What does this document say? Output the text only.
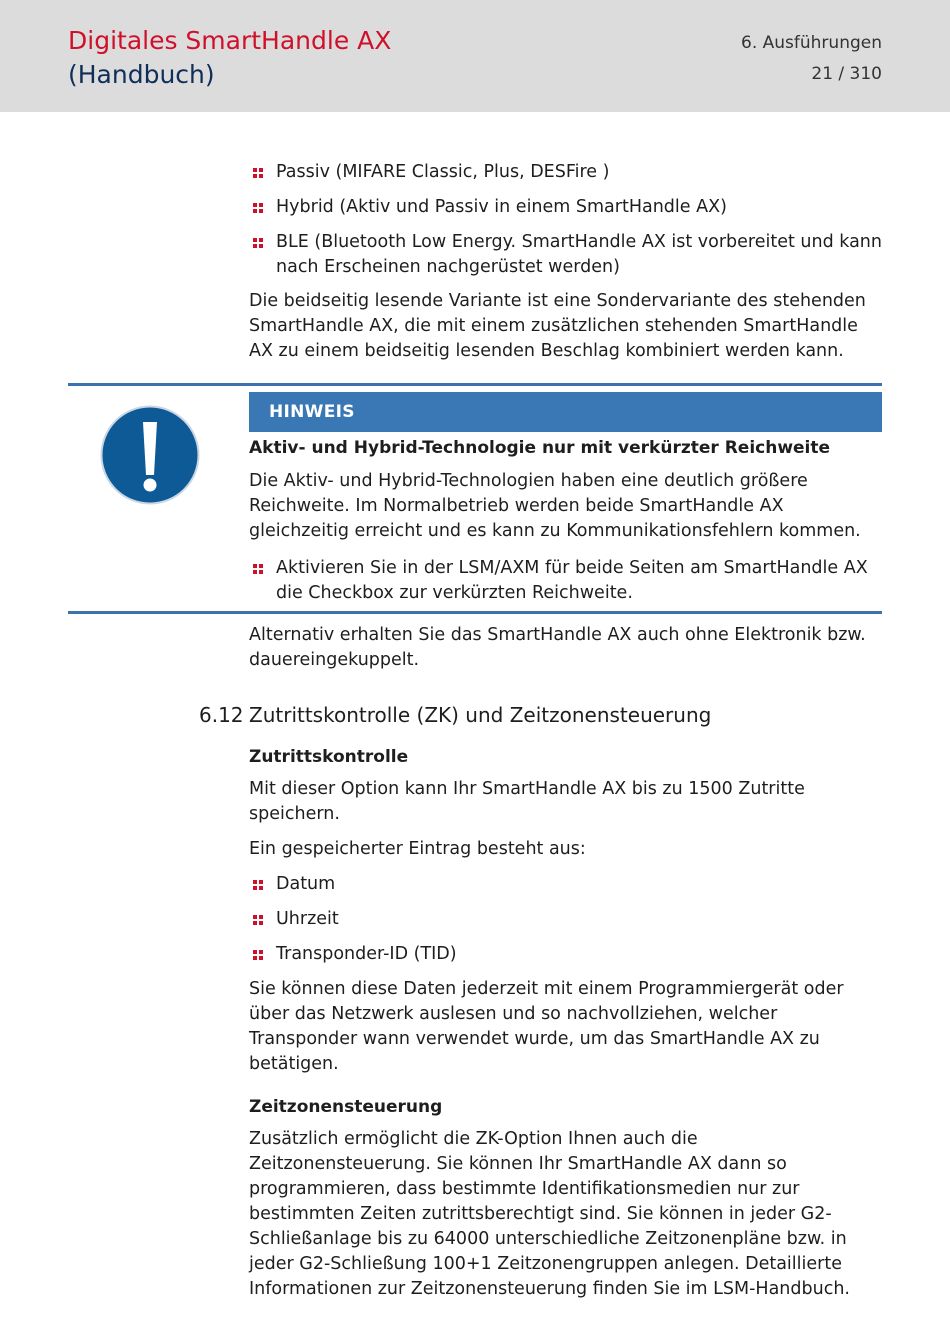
Digitales SmartHandle AX
(Handbuch)
6. Ausführungen
21 / 310
Passiv (MIFARE Classic, Plus, DESFire )
Hybrid (Aktiv und Passiv in einem SmartHandle AX)
BLE (Bluetooth Low Energy. SmartHandle AX ist vorbereitet und kann nach Erscheinen nachgerüstet werden)

Die beidseitig lesende Variante ist eine Sondervariante des stehenden SmartHandle AX, die mit einem zusätzlichen stehenden SmartHandle AX zu einem beidseitig lesenden Beschlag kombiniert werden kann.

HINWEIS

Aktiv- und Hybrid-Technologie nur mit verkürzter Reichweite

Die Aktiv- und Hybrid-Technologien haben eine deutlich größere Reichweite. Im Normalbetrieb werden beide SmartHandle AX gleichzeitig erreicht und es kann zu Kommunikationsfehlern kommen.

Aktivieren Sie in der LSM/AXM für beide Seiten am SmartHandle AX die Checkbox zur verkürzten Reichweite.

Alternativ erhalten Sie das SmartHandle AX auch ohne Elektronik bzw. dauereingekuppelt.

6.12 Zutrittskontrolle (ZK) und Zeitzonensteuerung

Zutrittskontrolle

Mit dieser Option kann Ihr SmartHandle AX bis zu 1500 Zutritte speichern.

Ein gespeicherter Eintrag besteht aus:

Datum
Uhrzeit
Transponder-ID (TID)

Sie können diese Daten jederzeit mit einem Programmiergerät oder über das Netzwerk auslesen und so nachvollziehen, welcher Transponder wann verwendet wurde, um das SmartHandle AX zu betätigen.

Zeitzonensteuerung

Zusätzlich ermöglicht die ZK-Option Ihnen auch die Zeitzonensteuerung. Sie können Ihr SmartHandle AX dann so programmieren, dass bestimmte Identifikationsmedien nur zur bestimmten Zeiten zutrittsberechtigt sind. Sie können in jeder G2-Schließanlage bis zu 64000 unterschiedliche Zeitzonenpläne bzw. in jeder G2-Schließung 100+1 Zeitzonengruppen anlegen. Detaillierte Informationen zur Zeitzonensteuerung finden Sie im LSM-Handbuch.
